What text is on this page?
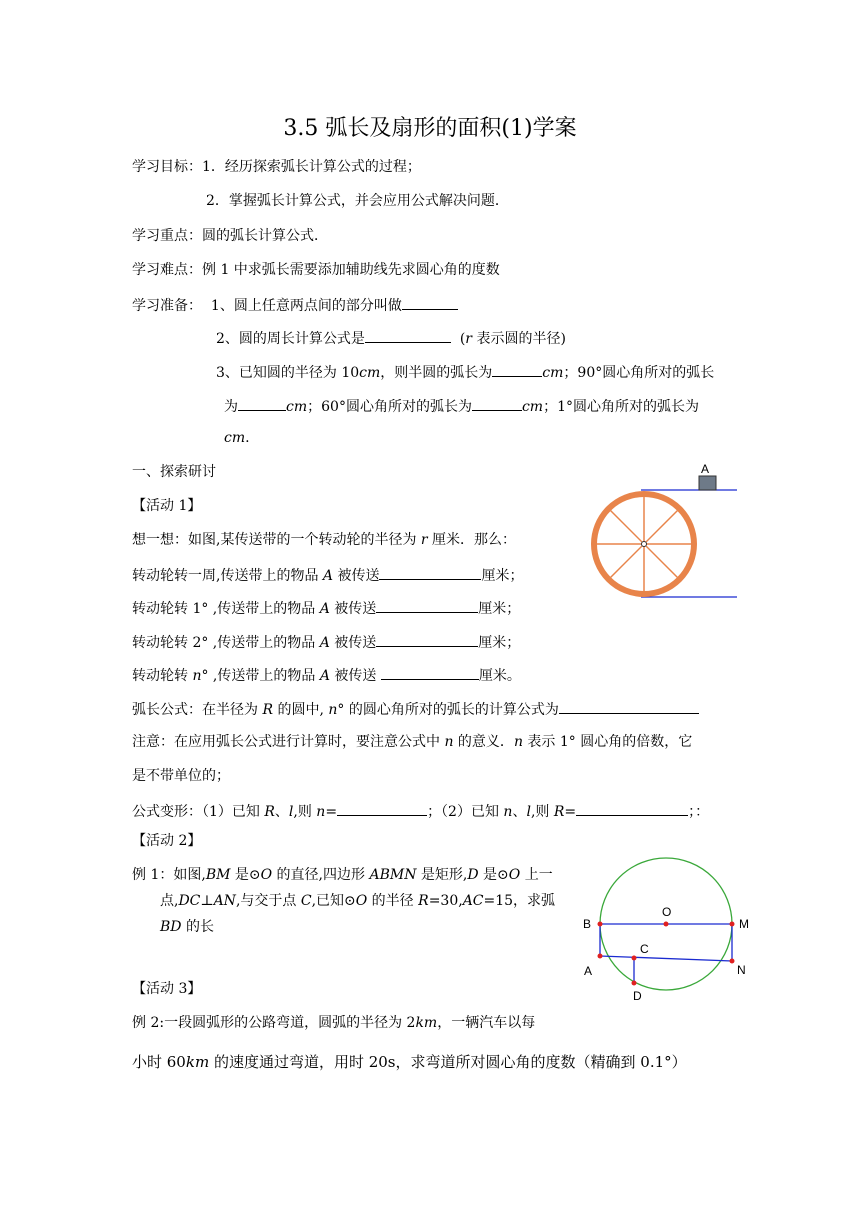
3.5 弧长及扇形的面积(1)学案
学习目标：1．经历探索弧长计算公式的过程；
2．掌握弧长计算公式，并会应用公式解决问题．
学习重点：圆的弧长计算公式．
学习难点：例 1 中求弧长需要添加辅助线先求圆心角的度数
学习准备： 1、圆上任意两点间的部分叫做
2、圆的周长计算公式是	(r 表示圆的半径)
3、已知圆的半径为 10cm，则半圆的弧长为	cm；90°圆心角所对的弧长
为	cm；60°圆心角所对的弧长为	cm；1°圆心角所对的弧长为
cm.
一、探索研讨
【活动 1】
想一想：如图,某传送带的一个转动轮的半径为 r 厘米．那么：
转动轮转一周,传送带上的物品 A 被传送	厘米；
转动轮转 1° ,传送带上的物品 A 被传送	厘米；
转动轮转 2° ,传送带上的物品 A 被传送	厘米；
转动轮转 n° ,传送带上的物品 A 被传送	厘米。
A
弧长公式：在半径为 R 的圆中, n° 的圆心角所对的弧长的计算公式为
注意：在应用弧长公式进行计算时，要注意公式中 n 的意义．n 表示 1° 圆心角的倍数，它
是不带单位的；
公式变形：（1）已知 R、l,则 n=	；（2）已知 n、l,则 R=	；：
【活动 2】
例 1：如图,BM 是⊙O 的直径,四边形 ABMN 是矩形,D 是⊙O 上一
点,DC⊥AN,与交于点 C,已知⊙O 的半径 R=30,AC=15，求弧
BD 的长
O
B	M
C
A	N
D
【活动 3】
例 2:一段圆弧形的公路弯道，圆弧的半径为 2km，一辆汽车以每
小时 60km 的速度通过弯道，用时 20s，求弯道所对圆心角的度数（精确到 0.1°）
